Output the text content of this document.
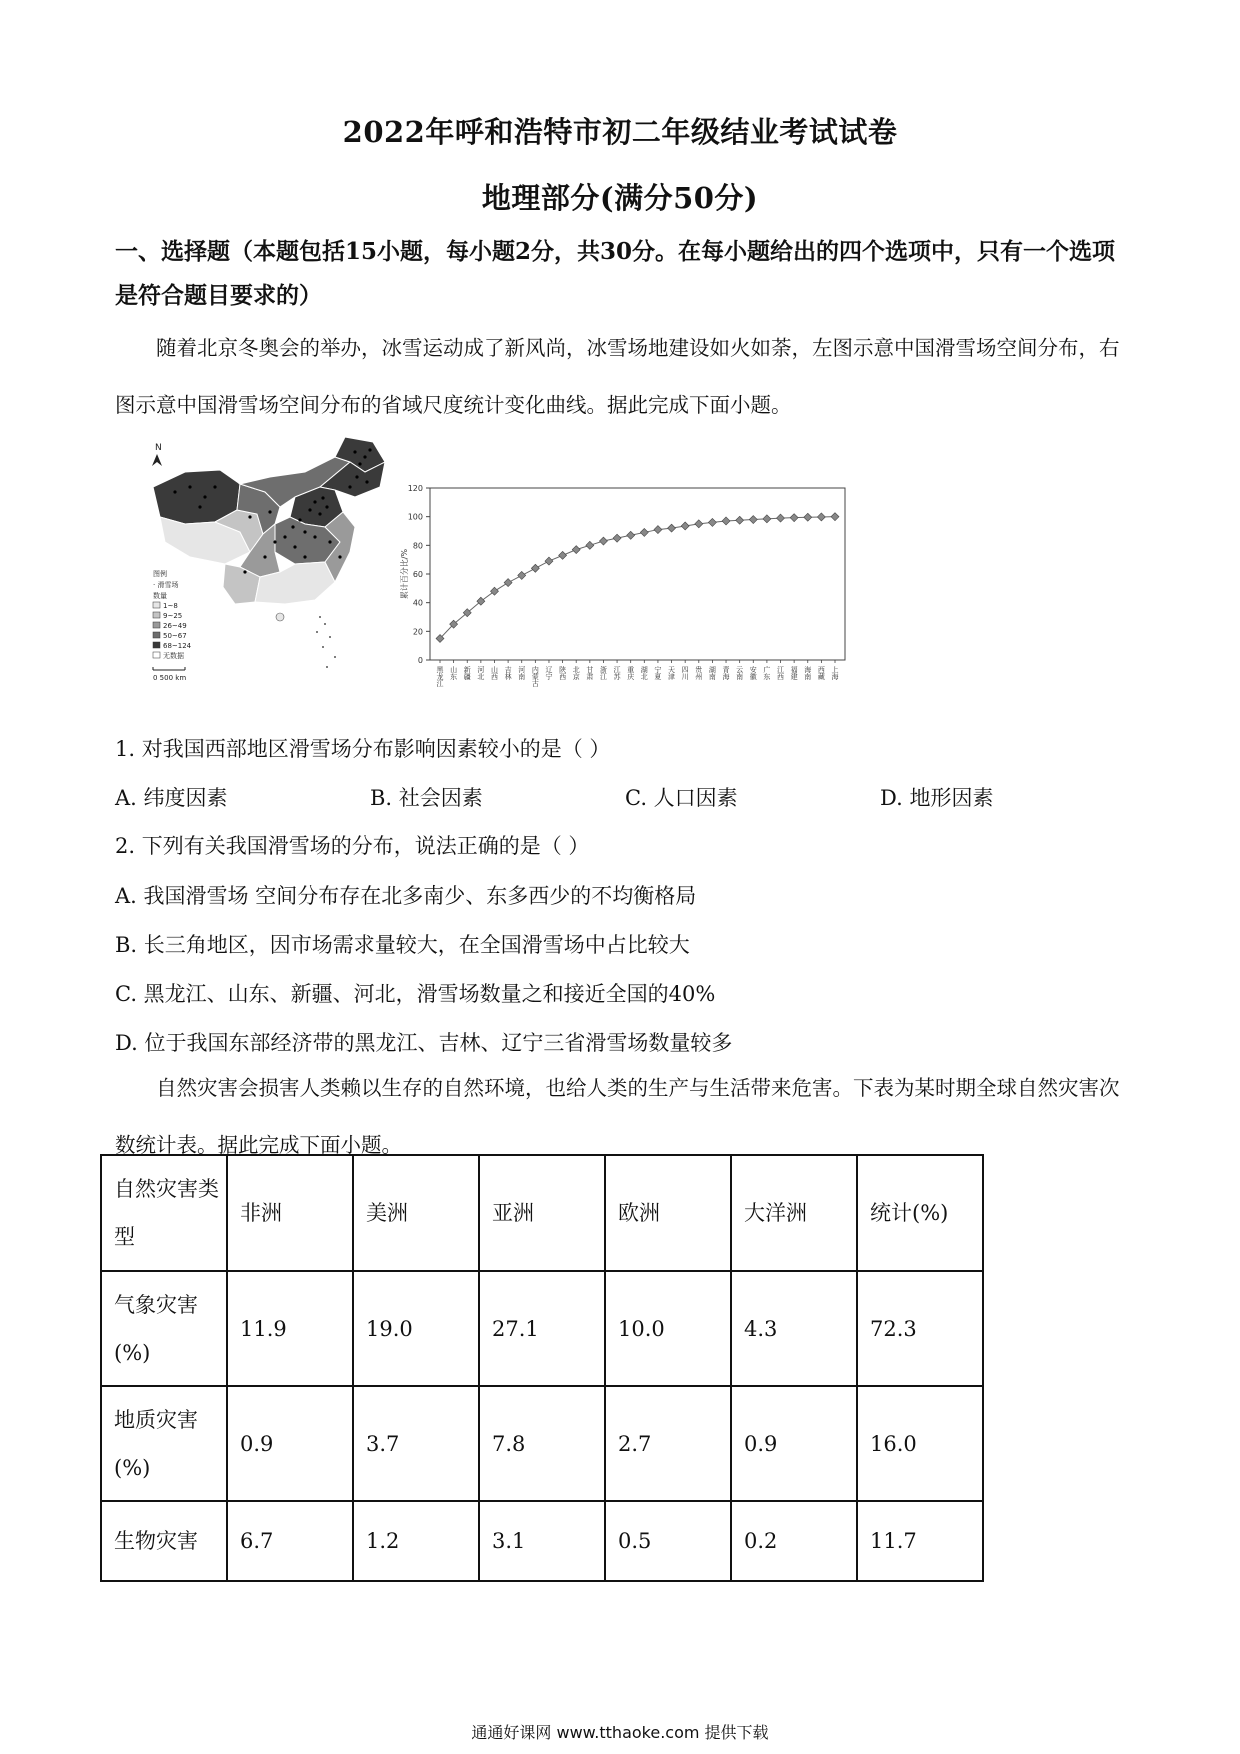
2022年呼和浩特市初二年级结业考试试卷
地理部分(满分50分)
一、选择题（本题包括15小题，每小题2分，共30分。在每小题给出的四个选项中，只有一个选项是符合题目要求的）
随着北京冬奥会的举办，冰雪运动成了新风尚，冰雪场地建设如火如荼，左图示意中国滑雪场空间分布，右图示意中国滑雪场空间分布的省域尺度统计变化曲线。据此完成下面小题。
N
图例
· 滑雪场
数量
1~8
9~25
26~49
50~67
68~124
无数据
0 500 km
0
20
40
60
80
100
120
累计百分比/%
黑龙江 山东 新疆 河北 山西 吉林 河南 内蒙古 辽宁 陕西 北京 甘肃 浙江 江苏 重庆 湖北 宁夏 天津 四川 贵州 湖南 青海 云南 安徽 广东 江西 福建 海南 西藏 上海
1. 对我国西部地区滑雪场分布影响因素较小的是（ ）
A. 纬度因素	B. 社会因素	C. 人口因素	D. 地形因素
2. 下列有关我国滑雪场的分布，说法正确的是（ ）
A. 我国滑雪场 空间分布存在北多南少、东多西少的不均衡格局
B. 长三角地区，因市场需求量较大，在全国滑雪场中占比较大
C. 黑龙江、山东、新疆、河北，滑雪场数量之和接近全国的40%
D. 位于我国东部经济带的黑龙江、吉林、辽宁三省滑雪场数量较多
自然灾害会损害人类赖以生存的自然环境，也给人类的生产与生活带来危害。下表为某时期全球自然灾害次数统计表。据此完成下面小题。
自然灾害类型	非洲	美洲	亚洲	欧洲	大洋洲	统计(%)
气象灾害(%)	11.9	19.0	27.1	10.0	4.3	72.3
地质灾害(%)	0.9	3.7	7.8	2.7	0.9	16.0
生物灾害	6.7	1.2	3.1	0.5	0.2	11.7
通通好课网 www.tthaoke.com 提供下载
